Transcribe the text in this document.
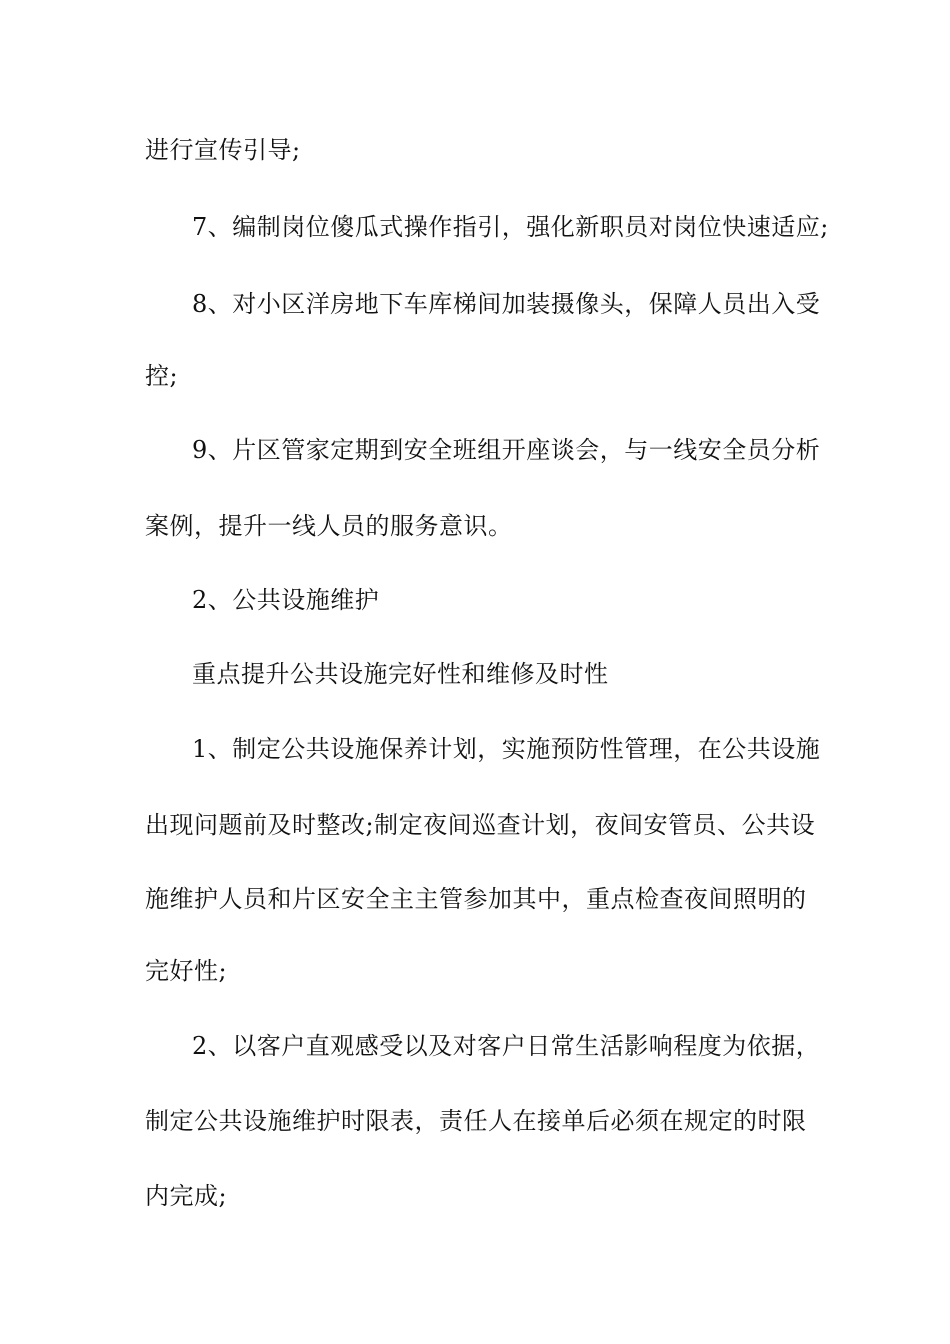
进行宣传引导;
7、编制岗位傻瓜式操作指引，强化新职员对岗位快速适应;
8、对小区洋房地下车库梯间加装摄像头，保障人员出入受
控;
9、片区管家定期到安全班组开座谈会，与一线安全员分析
案例，提升一线人员的服务意识。
2、公共设施维护
重点提升公共设施完好性和维修及时性
1、制定公共设施保养计划，实施预防性管理，在公共设施
出现问题前及时整改;制定夜间巡查计划，夜间安管员、公共设
施维护人员和片区安全主主管参加其中，重点检查夜间照明的
完好性;
2、以客户直观感受以及对客户日常生活影响程度为依据，
制定公共设施维护时限表，责任人在接单后必须在规定的时限
内完成;
